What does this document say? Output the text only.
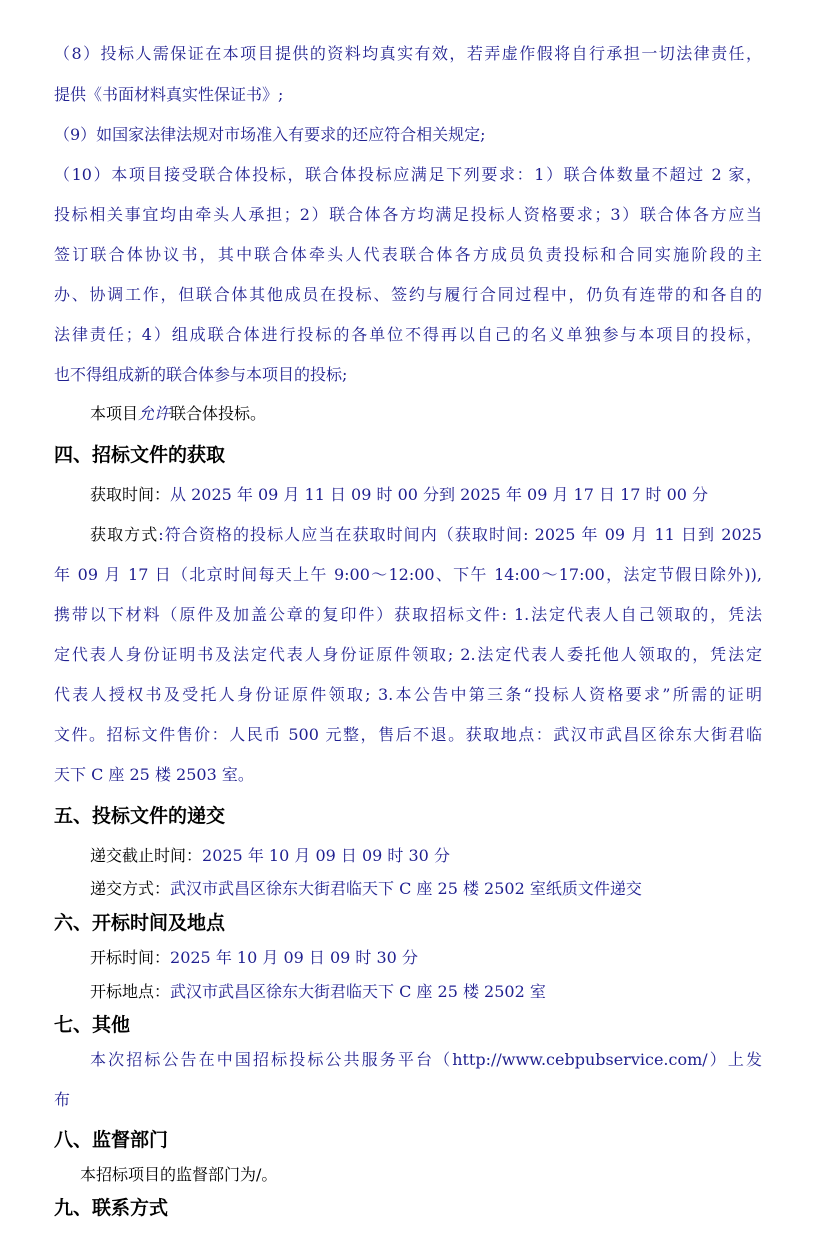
（8）投标人需保证在本项目提供的资料均真实有效，若弄虚作假将自行承担一切法律责任，
提供《书面材料真实性保证书》;
（9）如国家法律法规对市场准入有要求的还应符合相关规定;
（10）本项目接受联合体投标，联合体投标应满足下列要求：1）联合体数量不超过 2 家，
投标相关事宜均由牵头人承担；2）联合体各方均满足投标人资格要求；3）联合体各方应当
签订联合体协议书，其中联合体牵头人代表联合体各方成员负责投标和合同实施阶段的主
办、协调工作，但联合体其他成员在投标、签约与履行合同过程中，仍负有连带的和各自的
法律责任；4）组成联合体进行投标的各单位不得再以自己的名义单独参与本项目的投标，
也不得组成新的联合体参与本项目的投标;
本项目允许联合体投标。
四、招标文件的获取
获取时间：从 2025 年 09 月 11 日 09 时 00 分到 2025 年 09 月 17 日 17 时 00 分
获取方式:符合资格的投标人应当在获取时间内（获取时间: 2025 年 09 月 11 日到 2025
年 09 月 17 日（北京时间每天上午 9:00～12:00、下午 14:00～17:00，法定节假日除外)),
携带以下材料（原件及加盖公章的复印件）获取招标文件: 1.法定代表人自己领取的，凭法
定代表人身份证明书及法定代表人身份证原件领取; 2.法定代表人委托他人领取的，凭法定
代表人授权书及受托人身份证原件领取; 3.本公告中第三条“投标人资格要求”所需的证明
文件。招标文件售价：人民币 500 元整，售后不退。获取地点：武汉市武昌区徐东大街君临
天下 C 座 25 楼 2503 室。
五、投标文件的递交
递交截止时间：2025 年 10 月 09 日 09 时 30 分
递交方式：武汉市武昌区徐东大街君临天下 C 座 25 楼 2502 室纸质文件递交
六、开标时间及地点
开标时间：2025 年 10 月 09 日 09 时 30 分
开标地点：武汉市武昌区徐东大街君临天下 C 座 25 楼 2502 室
七、其他
本次招标公告在中国招标投标公共服务平台（http://www.cebpubservice.com/）上发
布
八、监督部门
本招标项目的监督部门为/。
九、联系方式
